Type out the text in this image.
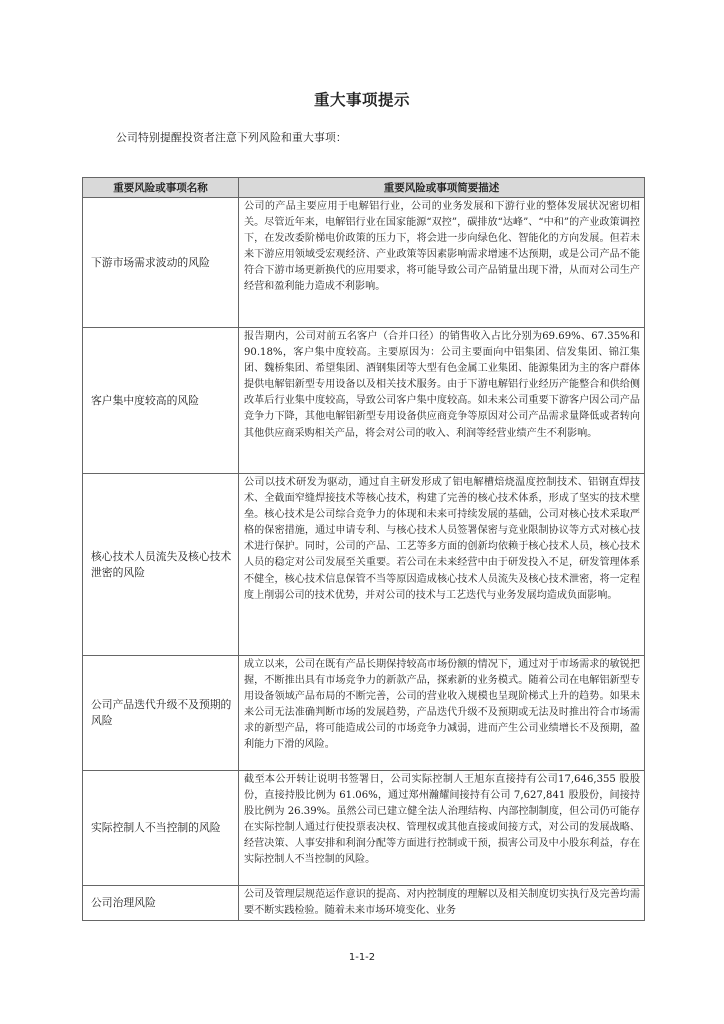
重大事项提示
公司特别提醒投资者注意下列风险和重大事项：
重要风险或事项名称	重要风险或事项简要描述
下游市场需求波动的风险	公司的产品主要应用于电解铝行业，公司的业务发展和下游行业的整体发展状况密切相关。尽管近年来，电解铝行业在国家能源“双控”，碳排放“达峰”、“中和”的产业政策调控下，在发改委阶梯电价政策的压力下，将会进一步向绿色化、智能化的方向发展。但若未来下游应用领域受宏观经济、产业政策等因素影响需求增速不达预期，或是公司产品不能符合下游市场更新换代的应用要求，将可能导致公司产品销量出现下滑，从而对公司生产经营和盈利能力造成不利影响。
客户集中度较高的风险	报告期内，公司对前五名客户（合并口径）的销售收入占比分别为69.69%、67.35%和 90.18%，客户集中度较高。主要原因为：公司主要面向中铝集团、信发集团、锦江集团、魏桥集团、希望集团、酒钢集团等大型有色金属工业集团、能源集团为主的客户群体提供电解铝新型专用设备以及相关技术服务。由于下游电解铝行业经历产能整合和供给侧改革后行业集中度较高，导致公司客户集中度较高。如未来公司重要下游客户因公司产品竞争力下降，其他电解铝新型专用设备供应商竞争等原因对公司产品需求量降低或者转向其他供应商采购相关产品，将会对公司的收入、利润等经营业绩产生不利影响。
核心技术人员流失及核心技术泄密的风险	公司以技术研发为驱动，通过自主研发形成了铝电解槽焙烧温度控制技术、铝钢直焊技术、全截面窄缝焊接技术等核心技术，构建了完善的核心技术体系，形成了坚实的技术壁垒。核心技术是公司综合竞争力的体现和未来可持续发展的基础，公司对核心技术采取严格的保密措施，通过申请专利、与核心技术人员签署保密与竞业限制协议等方式对核心技术进行保护。同时，公司的产品、工艺等多方面的创新均依赖于核心技术人员，核心技术人员的稳定对公司发展至关重要。若公司在未来经营中由于研发投入不足，研发管理体系不健全，核心技术信息保管不当等原因造成核心技术人员流失及核心技术泄密，将一定程度上削弱公司的技术优势，并对公司的技术与工艺迭代与业务发展均造成负面影响。
公司产品迭代升级不及预期的风险	成立以来，公司在既有产品长期保持较高市场份额的情况下，通过对于市场需求的敏锐把握，不断推出具有市场竞争力的新款产品，探索新的业务模式。随着公司在电解铝新型专用设备领域产品布局的不断完善，公司的营业收入规模也呈现阶梯式上升的趋势。如果未来公司无法准确判断市场的发展趋势，产品迭代升级不及预期或无法及时推出符合市场需求的新型产品，将可能造成公司的市场竞争力减弱，进而产生公司业绩增长不及预期，盈利能力下滑的风险。
实际控制人不当控制的风险	截至本公开转让说明书签署日，公司实际控制人王旭东直接持有公司17,646,355 股股份，直接持股比例为 61.06%，通过郑州瀚耀间接持有公司 7,627,841 股股份，间接持股比例为 26.39%。虽然公司已建立健全法人治理结构、内部控制制度，但公司仍可能存在实际控制人通过行使投票表决权、管理权或其他直接或间接方式，对公司的发展战略、经营决策、人事安排和利润分配等方面进行控制或干预，损害公司及中小股东利益，存在实际控制人不当控制的风险。
公司治理风险	公司及管理层规范运作意识的提高、对内控制度的理解以及相关制度切实执行及完善均需要不断实践检验。随着未来市场环境变化、业务
1-1-2
